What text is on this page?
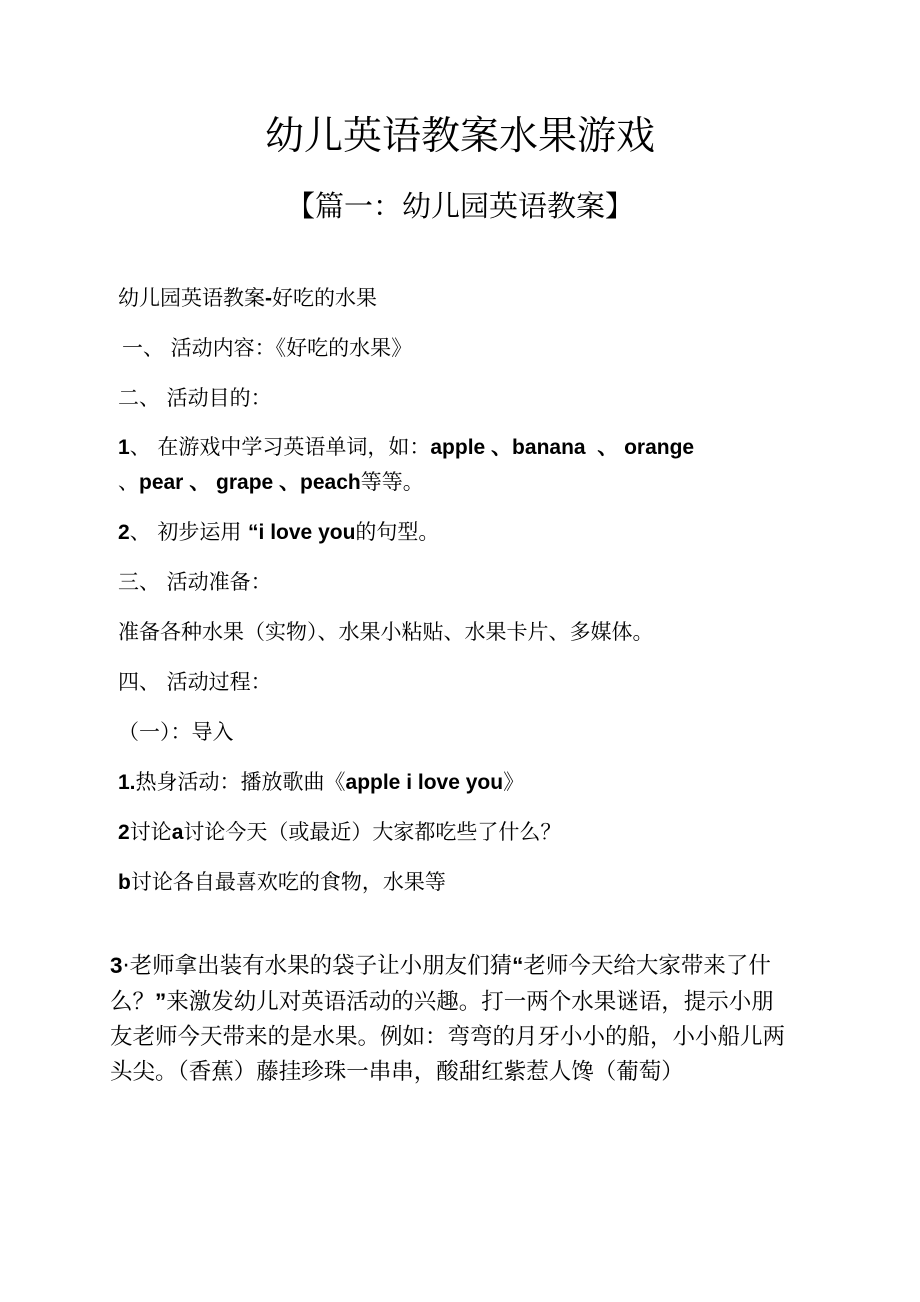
幼儿英语教案水果游戏
【篇一：幼儿园英语教案】
幼儿园英语教案-好吃的水果
一、 活动内容：《好吃的水果》
二、 活动目的：
1、 在游戏中学习英语单词，如：apple 、banana  、 orange
、pear 、 grape 、peach等等。
2、 初步运用 “i love you的句型。
三、 活动准备：
准备各种水果（实物）、水果小粘贴、水果卡片、多媒体。
四、 活动过程：
（一）：导入
1.热身活动：播放歌曲《apple i love you》
2讨论a讨论今天（或最近）大家都吃些了什么？
b讨论各自最喜欢吃的食物，水果等
3·老师拿出装有水果的袋子让小朋友们猜“老师今天给大家带来了什
么？”来激发幼儿对英语活动的兴趣。打一两个水果谜语，提示小朋
友老师今天带来的是水果。例如：弯弯的月牙小小的船，小小船儿两
头尖。（香蕉）藤挂珍珠一串串，酸甜红紫惹人馋（葡萄）
